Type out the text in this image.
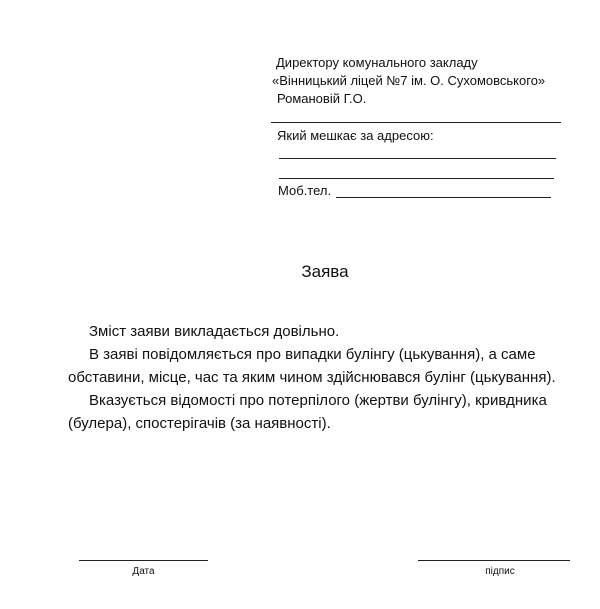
Директору комунального закладу
«Вінницький ліцей №7 ім. О. Сухомовського»
Романовій Г.О.
Який мешкає за адресою:
Моб.тел.
Заява

Зміст заяви викладається довільно.

В заяві повідомляється про випадки булінгу (цькування), а саме обставини, місце, час та яким чином здійснювався булінг (цькування).

Вказується відомості про потерпілого (жертви булінгу), кривдника (булера), спостерігачів (за наявності).

Дата	підпис
